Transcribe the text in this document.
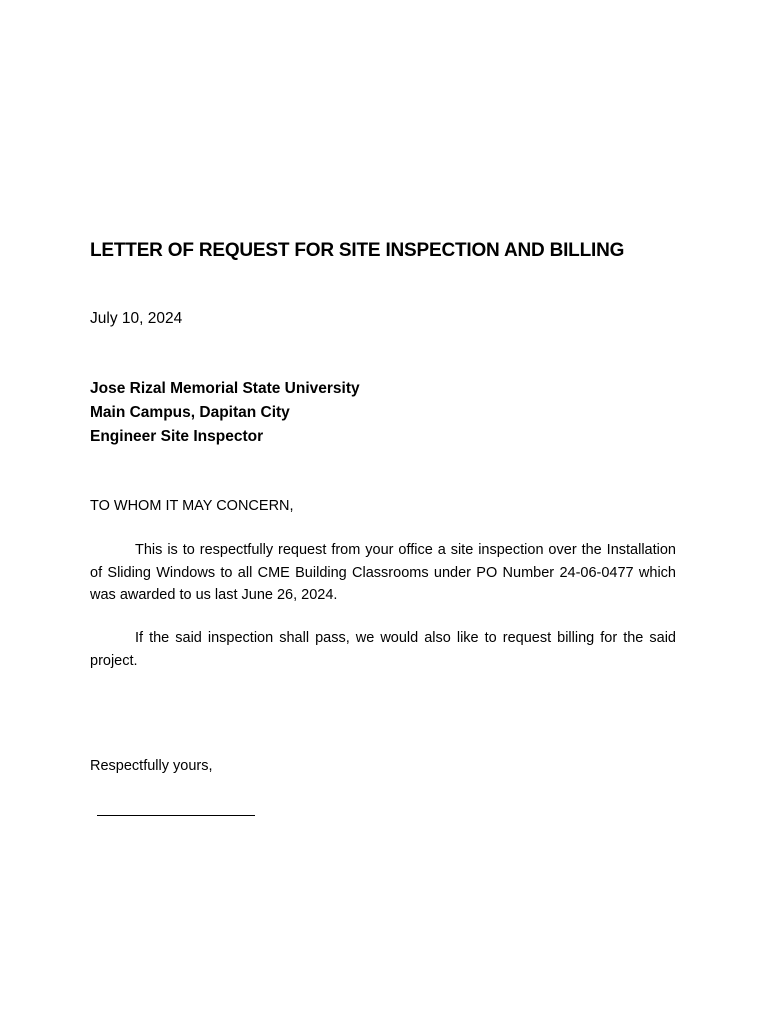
LETTER OF REQUEST FOR SITE INSPECTION AND BILLING
July 10, 2024
Jose Rizal Memorial State University
Main Campus, Dapitan City
Engineer Site Inspector
TO WHOM IT MAY CONCERN,

This is to respectfully request from your office a site inspection over the Installation of Sliding Windows to all CME Building Classrooms under PO Number 24-06-0477 which was awarded to us last June 26, 2024.

If the said inspection shall pass, we would also like to request billing for the said project.

Respectfully yours,
